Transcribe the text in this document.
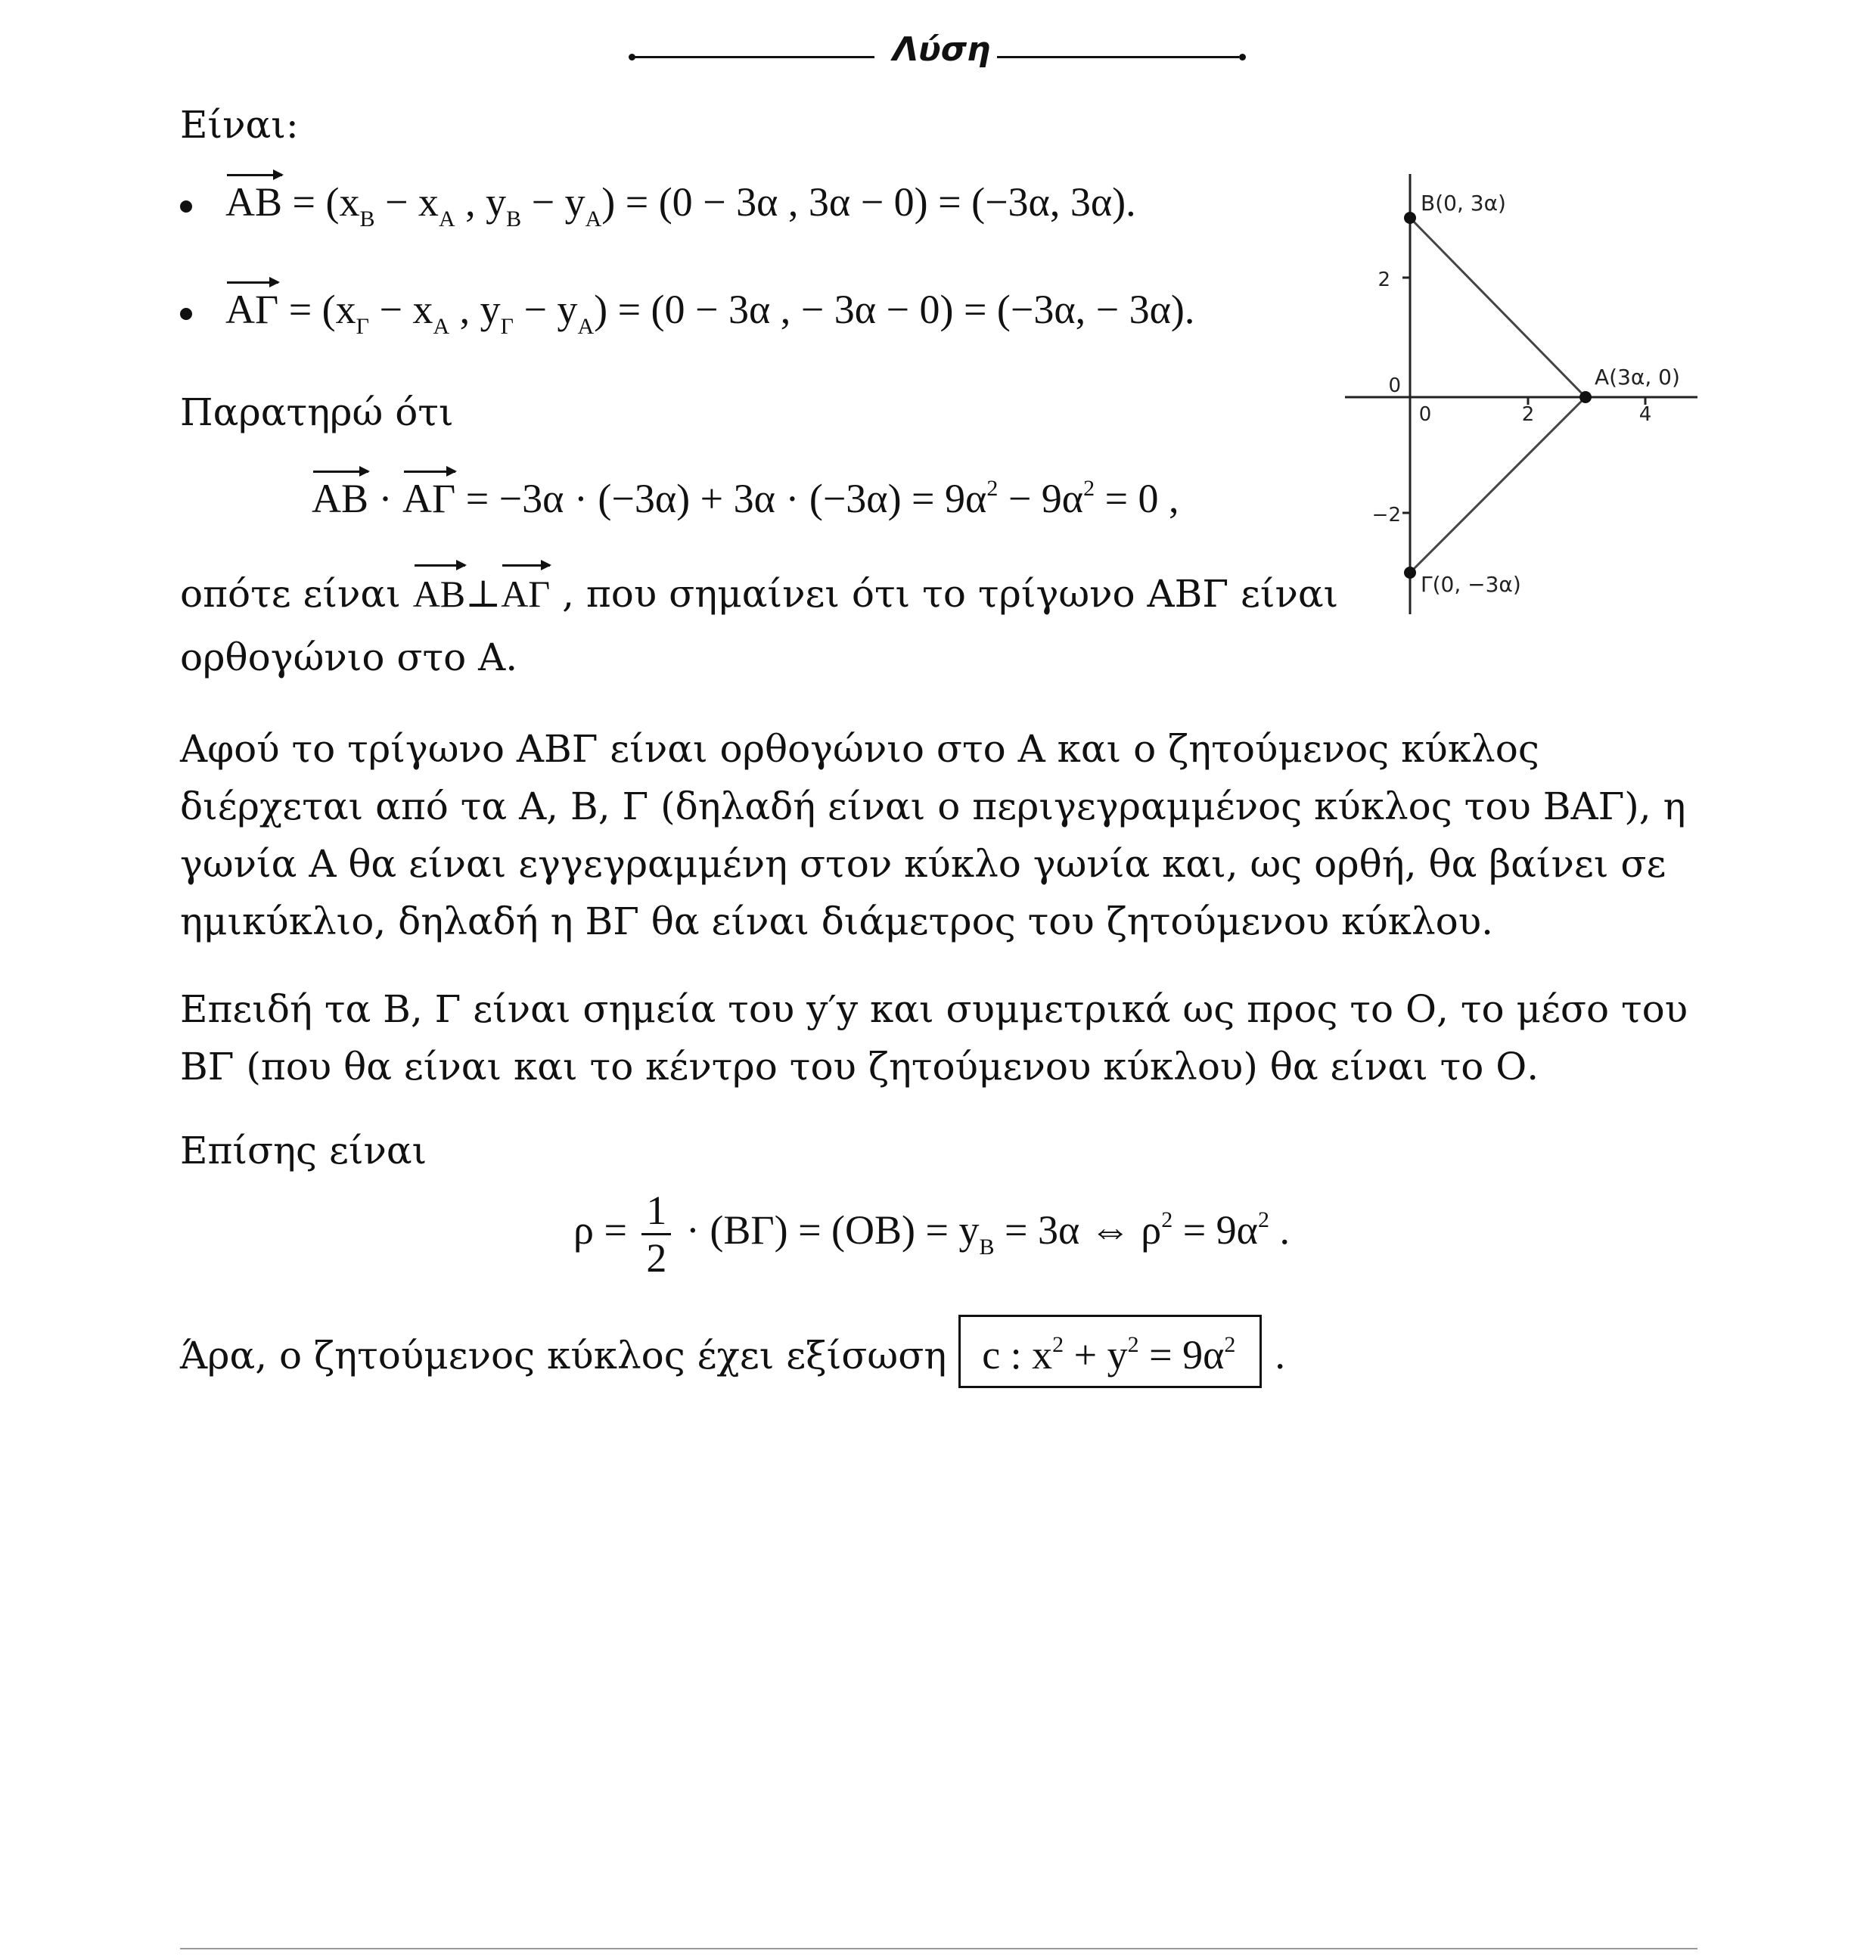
Λύση
Είναι:
AB = ($x_B - x_A$ , $y_B - y_A) = (0 - 3\alpha$ , 3α − 0) = (−3α, 3α).
$A\Gamma = (x_\Gamma - x_A$ , $y_\Gamma - y_A) = (0 - 3\alpha$ , − 3α − 0) = (−3α, − 3α).
Παρατηρώ ότι
AB · $A\Gamma = -3\alpha \cdot (-3\alpha) + 3\alpha \cdot (-3\alpha) = 9\alpha^2 - 9\alpha^2 = 0$ ,
οπότε είναι AB⊥AΓ , που σημαίνει ότι το τρίγωνο ΑΒΓ είναι
ορθογώνιο στο Α.
2
0
−2
0	2	4
B(0, 3α)
A(3α, 0)
Γ(0, −3α)
Αφού το τρίγωνο ΑΒΓ είναι ορθογώνιο στο Α και ο ζητούμενος κύκλος διέρχεται από τα Α, Β, Γ (δηλαδή είναι ο περιγεγραμμένος κύκλος του ΒΑΓ), η γωνία Α θα είναι εγγεγραμμένη στον κύκλο γωνία και, ως ορθή, θα βαίνει σε ημικύκλιο, δηλαδή η ΒΓ θα είναι διάμετρος του ζητούμενου κύκλου.
Επειδή τα Β, Γ είναι σημεία του y′y και συμμετρικά ως προς το Ο, το μέσο του ΒΓ (που θα είναι και το κέντρο του ζητούμενου κύκλου) θα είναι το Ο.
Επίσης είναι
$\rho = \frac{1}{2} \cdot (B\Gamma) = (OB) = y_B = 3\alpha$ ⇔ $\rho^2 = 9\alpha^2$ .
Άρα, ο ζητούμενος κύκλος έχει εξίσωση c : $x^2 + y^2 = 9\alpha^2$ .
